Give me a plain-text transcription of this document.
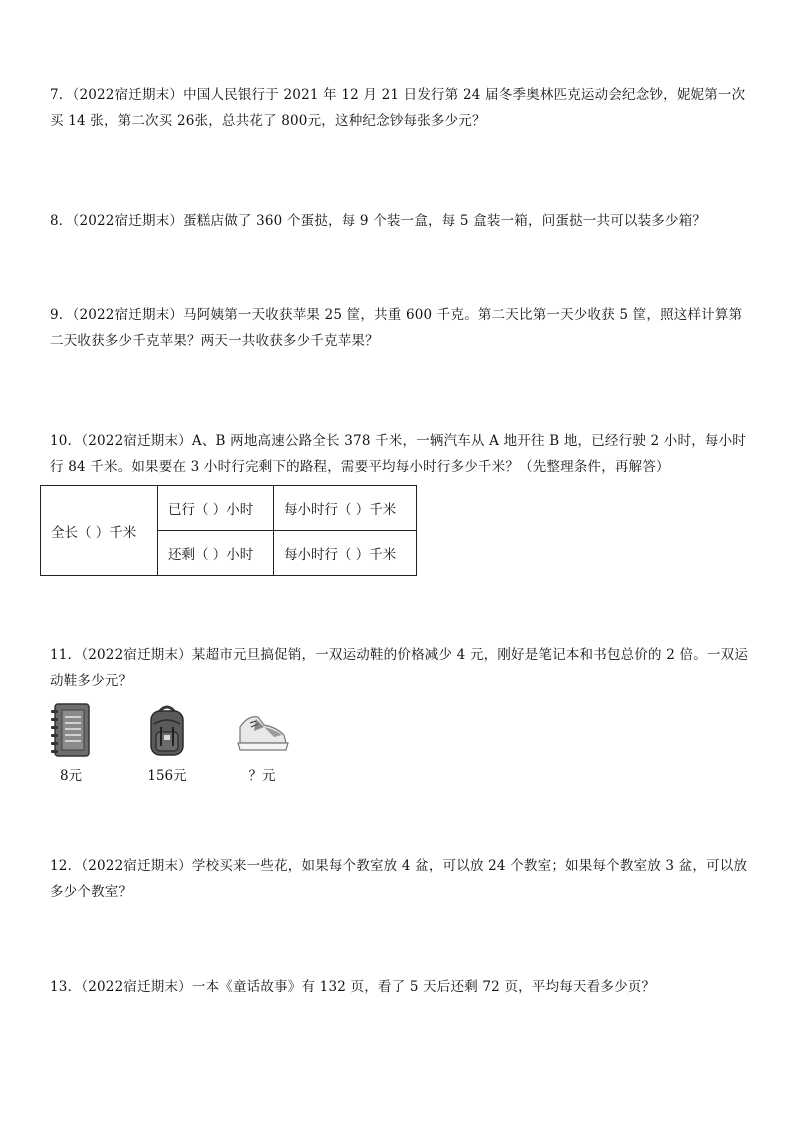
7．（2022宿迁期末）中国人民银行于 2021 年 12 月 21 日发行第 24 届冬季奥林匹克运动会纪念钞，妮妮第一次买 14 张，第二次买 26张，总共花了 800元，这种纪念钞每张多少元？
8．（2022宿迁期末）蛋糕店做了 360 个蛋挞，每 9 个装一盒，每 5 盒装一箱，问蛋挞一共可以装多少箱？
9．（2022宿迁期末）马阿姨第一天收获苹果 25 筐，共重 600 千克。第二天比第一天少收获 5 筐，照这样计算第二天收获多少千克苹果？两天一共收获多少千克苹果？
10．（2022宿迁期末）A、B 两地高速公路全长 378 千米，一辆汽车从 A 地开往 B 地，已经行驶 2 小时，每小时行 84 千米。如果要在 3 小时行完剩下的路程，需要平均每小时行多少千米？（先整理条件，再解答）
全长（ ）千米	已行（ ）小时	每小时行（ ）千米
	还剩（ ）小时	每小时行（ ）千米
11．（2022宿迁期末）某超市元旦搞促销，一双运动鞋的价格减少 4 元，刚好是笔记本和书包总价的 2 倍。一双运动鞋多少元？
8元	156元	？元
12．（2022宿迁期末）学校买来一些花，如果每个教室放 4 盆，可以放 24 个教室；如果每个教室放 3 盆，可以放多少个教室？
13．（2022宿迁期末）一本《童话故事》有 132 页，看了 5 天后还剩 72 页，平均每天看多少页？
